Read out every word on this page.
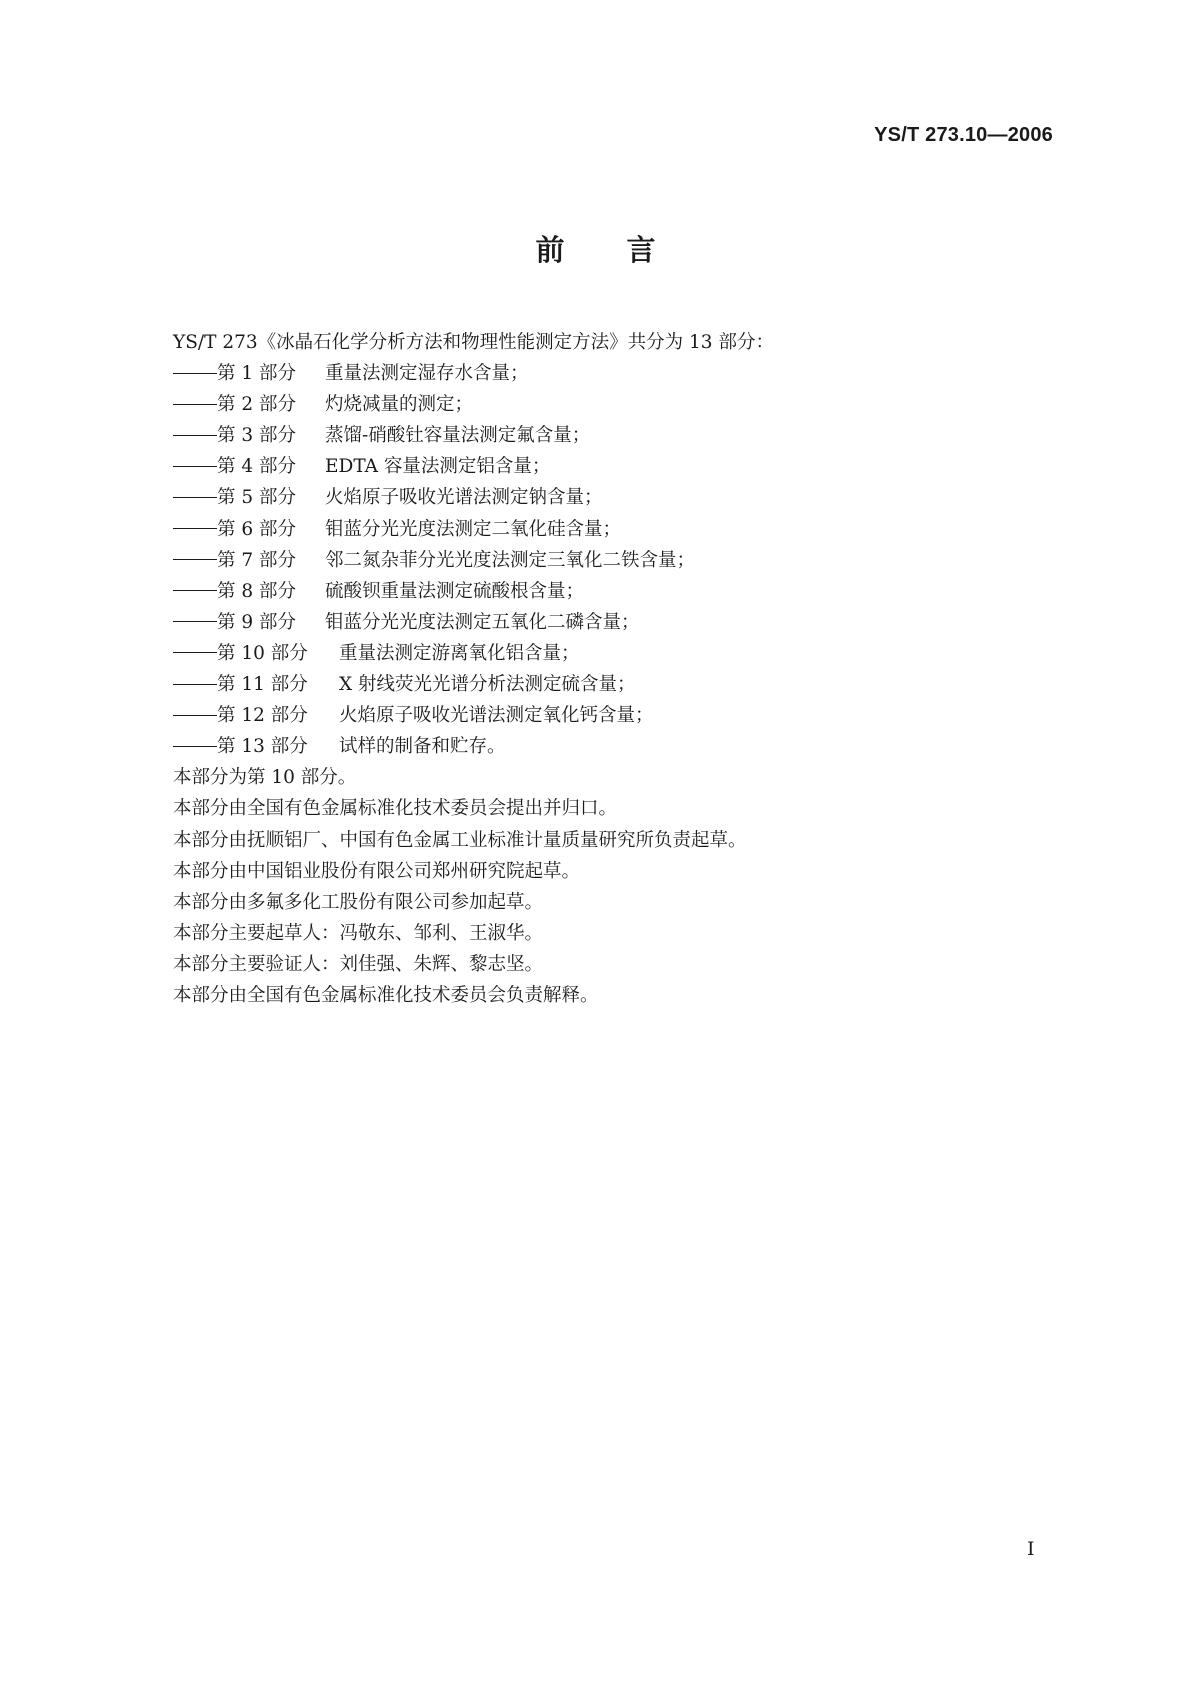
YS/T 273.10—2006
前 言
YS/T 273《冰晶石化学分析方法和物理性能测定方法》共分为 13 部分：
第 1 部分 重量法测定湿存水含量；
第 2 部分 灼烧减量的测定；
第 3 部分 蒸馏-硝酸钍容量法测定氟含量；
第 4 部分 EDTA 容量法测定铝含量；
第 5 部分 火焰原子吸收光谱法测定钠含量；
第 6 部分 钼蓝分光光度法测定二氧化硅含量；
第 7 部分 邻二氮杂菲分光光度法测定三氧化二铁含量；
第 8 部分 硫酸钡重量法测定硫酸根含量；
第 9 部分 钼蓝分光光度法测定五氧化二磷含量；
第 10 部分 重量法测定游离氧化铝含量；
第 11 部分 X 射线荧光光谱分析法测定硫含量；
第 12 部分 火焰原子吸收光谱法测定氧化钙含量；
第 13 部分 试样的制备和贮存。
本部分为第 10 部分。
本部分由全国有色金属标准化技术委员会提出并归口。
本部分由抚顺铝厂、中国有色金属工业标准计量质量研究所负责起草。
本部分由中国铝业股份有限公司郑州研究院起草。
本部分由多氟多化工股份有限公司参加起草。
本部分主要起草人：冯敬东、邹利、王淑华。
本部分主要验证人：刘佳强、朱辉、黎志坚。
本部分由全国有色金属标准化技术委员会负责解释。
I
